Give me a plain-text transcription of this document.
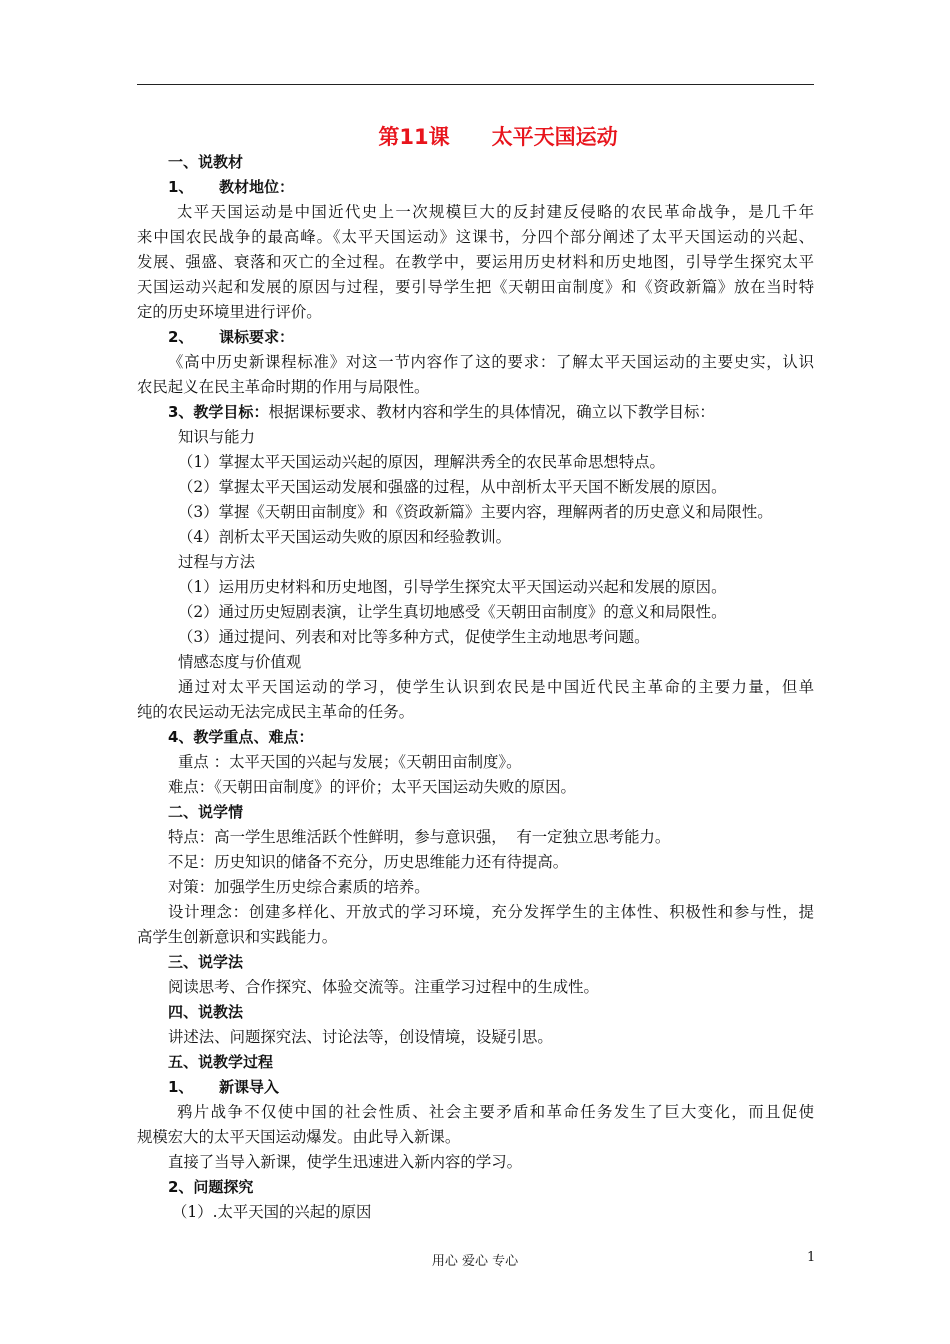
第11课　　太平天国运动
一、说教材
1、 教材地位：
太平天国运动是中国近代史上一次规模巨大的反封建反侵略的农民革命战争，是几千年
来中国农民战争的最高峰。《太平天国运动》这课书，分四个部分阐述了太平天国运动的兴起、
发展、强盛、衰落和灭亡的全过程。在教学中，要运用历史材料和历史地图，引导学生探究太平
天国运动兴起和发展的原因与过程，要引导学生把《天朝田亩制度》和《资政新篇》放在当时特
定的历史环境里进行评价。
2、 课标要求：
《高中历史新课程标准》对这一节内容作了这的要求：了解太平天国运动的主要史实，认识
农民起义在民主革命时期的作用与局限性。
3、教学目标：根据课标要求、教材内容和学生的具体情况，确立以下教学目标：
知识与能力
（1）掌握太平天国运动兴起的原因，理解洪秀全的农民革命思想特点。
（2）掌握太平天国运动发展和强盛的过程，从中剖析太平天国不断发展的原因。
（3）掌握《天朝田亩制度》和《资政新篇》主要内容，理解两者的历史意义和局限性。
（4）剖析太平天国运动失败的原因和经验教训。
过程与方法
（1）运用历史材料和历史地图，引导学生探究太平天国运动兴起和发展的原因。
（2）通过历史短剧表演，让学生真切地感受《天朝田亩制度》的意义和局限性。
（3）通过提问、列表和对比等多种方式，促使学生主动地思考问题。
情感态度与价值观
通过对太平天国运动的学习，使学生认识到农民是中国近代民主革命的主要力量，但单
纯的农民运动无法完成民主革命的任务。
4、教学重点、难点：
重点 ：太平天国的兴起与发展；《天朝田亩制度》。
难点：《天朝田亩制度》的评价；太平天国运动失败的原因。
二、说学情
特点：高一学生思维活跃个性鲜明，参与意识强，  有一定独立思考能力。
不足：历史知识的储备不充分，历史思维能力还有待提高。
对策：加强学生历史综合素质的培养。
设计理念：创建多样化、开放式的学习环境，充分发挥学生的主体性、积极性和参与性，提
高学生创新意识和实践能力。
三、说学法
阅读思考、合作探究、体验交流等。注重学习过程中的生成性。
四、说教法
讲述法、问题探究法、讨论法等，创设情境，设疑引思。
五、说教学过程
1、 新课导入
鸦片战争不仅使中国的社会性质、社会主要矛盾和革命任务发生了巨大变化，而且促使
规模宏大的太平天国运动爆发。由此导入新课。
直接了当导入新课，使学生迅速进入新内容的学习。
2、问题探究
（1）.太平天国的兴起的原因
用心 爱心 专心	1
